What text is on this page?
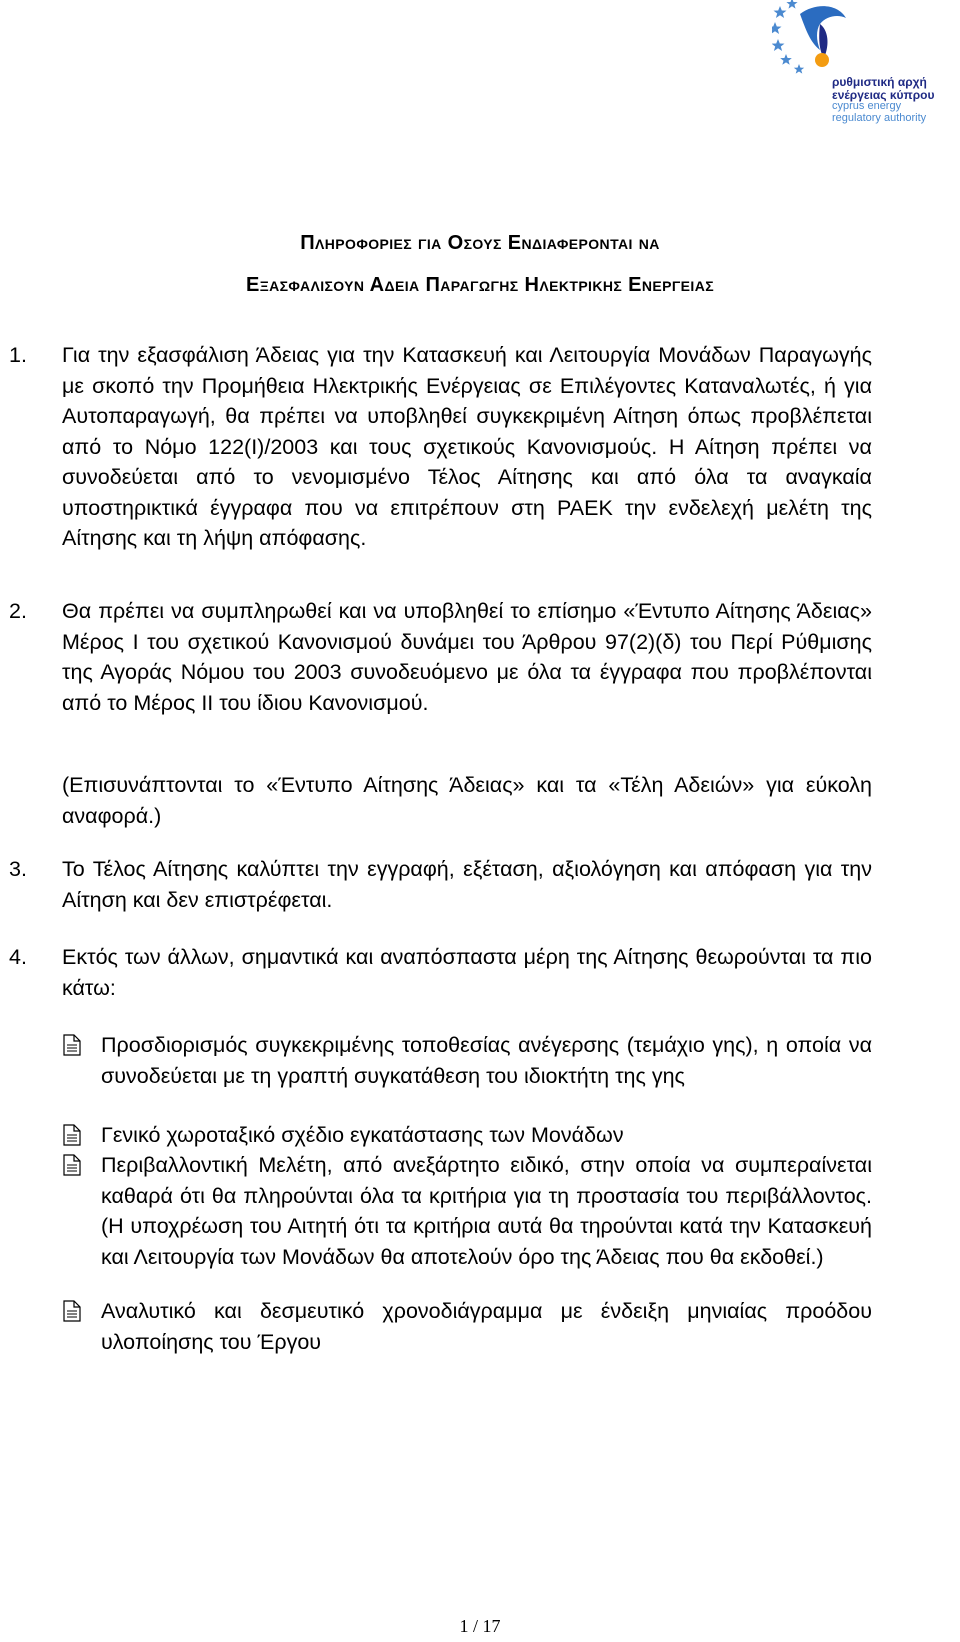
ρυθμιστική αρχή
ενέργειας κύπρου
cyprus energy
regulatory authority
Πληροφοριεσ για Οσουσ Ενδιαφερονται να
Εξασφαλισουν Αδεια Παραγωγησ Ηλεκτρικησ Ενεργειασ
1. Για την εξασφάλιση Άδειας για την Κατασκευή και Λειτουργία Μονάδων Παραγωγής με σκοπό την Προμήθεια Ηλεκτρικής Ενέργειας σε Επιλέγοντες Καταναλωτές, ή για Αυτοπαραγωγή, θα πρέπει να υποβληθεί συγκεκριμένη Αίτηση όπως προβλέπεται από το Νόμο 122(Ι)/2003 και τους σχετικούς Κανονισμούς. Η Αίτηση πρέπει να συνοδεύεται από το νενομισμένο Τέλος Αίτησης και από όλα τα αναγκαία υποστηρικτικά έγγραφα που να επιτρέπουν στη ΡΑΕΚ την ενδελεχή μελέτη της Αίτησης και τη λήψη απόφασης.
2. Θα πρέπει να συμπληρωθεί και να υποβληθεί το επίσημο «Έντυπο Αίτησης Άδειας» Μέρος Ι του σχετικού Κανονισμού δυνάμει του Άρθρου 97(2)(δ) του Περί Ρύθμισης της Αγοράς Νόμου του 2003 συνοδευόμενο με όλα τα έγγραφα που προβλέπονται από το Μέρος ΙΙ του ίδιου Κανονισμού.
(Επισυνάπτονται το «Έντυπο Αίτησης Άδειας» και τα «Τέλη Αδειών» για εύκολη αναφορά.)
3. Το Τέλος Αίτησης καλύπτει την εγγραφή, εξέταση, αξιολόγηση και απόφαση για την Αίτηση και δεν επιστρέφεται.
4. Εκτός των άλλων, σημαντικά και αναπόσπαστα μέρη της Αίτησης θεωρούνται τα πιο κάτω:
Προσδιορισμός συγκεκριμένης τοποθεσίας ανέγερσης (τεμάχιο γης), η οποία να συνοδεύεται με τη γραπτή συγκατάθεση του ιδιοκτήτη της γης
Γενικό χωροταξικό σχέδιο εγκατάστασης των Μονάδων
Περιβαλλοντική Μελέτη, από ανεξάρτητο ειδικό, στην οποία να συμπεραίνεται καθαρά ότι θα πληρούνται όλα τα κριτήρια για τη προστασία του περιβάλλοντος. (Η υποχρέωση του Αιτητή ότι τα κριτήρια αυτά θα τηρούνται κατά την Κατασκευή και Λειτουργία των Μονάδων θα αποτελούν όρο της Άδειας που θα εκδοθεί.)
Αναλυτικό και δεσμευτικό χρονοδιάγραμμα με ένδειξη μηνιαίας προόδου υλοποίησης του Έργου
1 / 17
